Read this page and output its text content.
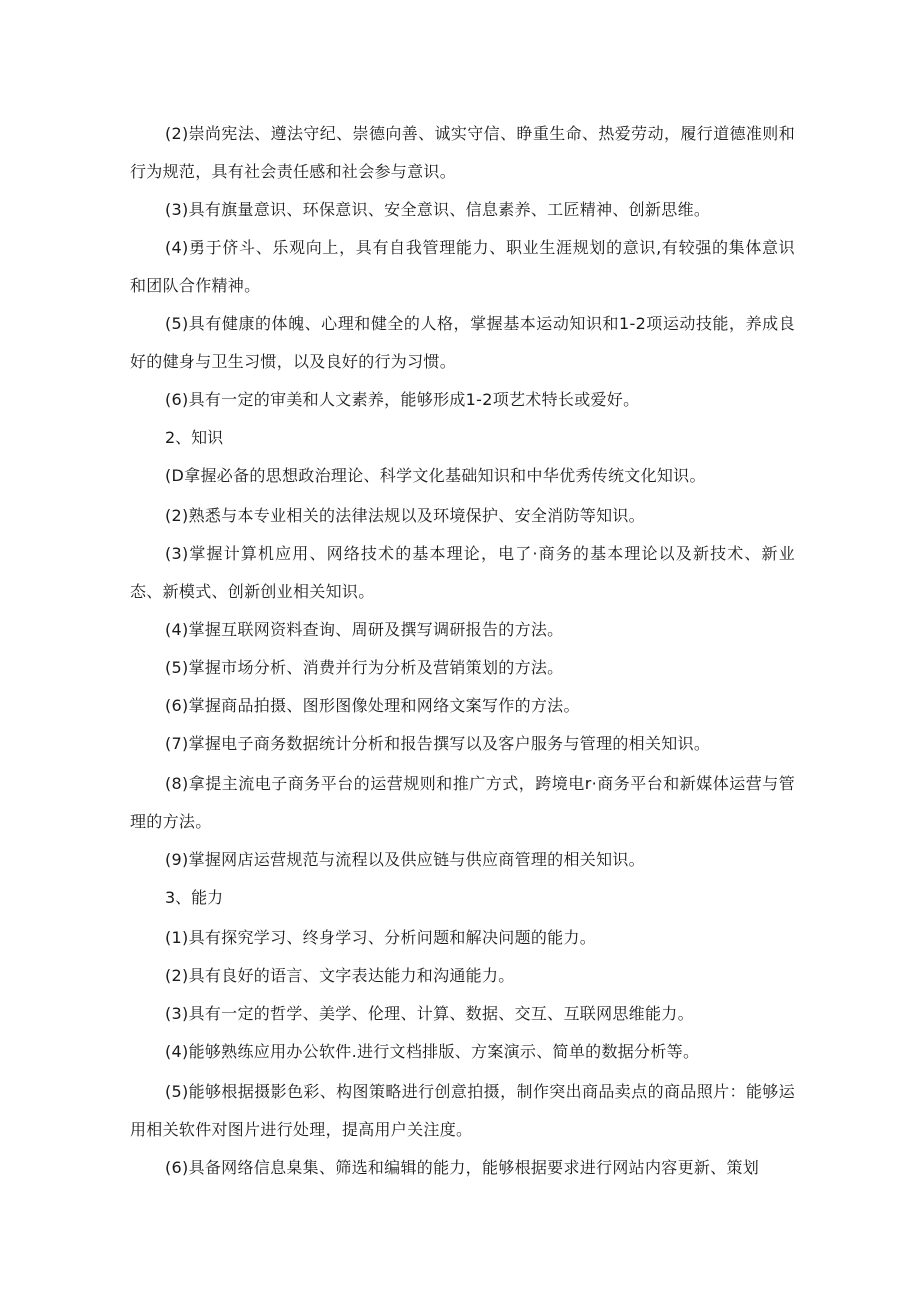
(2)崇尚宪法、遵法守纪、崇德向善、诚实守信、睁重生命、热爱劳动，履行道德准则和行为规范，具有社会责任感和社会参与意识。

(3)具有旗量意识、环保意识、安全意识、信息素养、工匠精神、创新思维。

(4)勇于侪斗、乐观向上，具有自我管理能力、职业生涯规划的意识,有较强的集体意识和团队合作精神。

(5)具有健康的体魄、心理和健全的人格，掌握基本运动知识和1-2项运动技能，养成良好的健身与卫生习惯，以及良好的行为习惯。

(6)具有一定的审美和人文素养，能够形成1-2项艺术特长或爱好。

2、知识

(D拿握必备的思想政治理论、科学文化基础知识和中华优秀传统文化知识。

(2)熟悉与本专业相关的法律法规以及环境保护、安全消防等知识。

(3)掌握计算机应用、网络技术的基本理论，电了·商务的基本理论以及新技术、新业态、新模式、创新创业相关知识。

(4)掌握互联网资料查询、周研及撰写调研报告的方法。

(5)掌握市场分析、消费并行为分析及营销策划的方法。

(6)掌握商品拍摄、图形图像处理和网络文案写作的方法。

(7)掌握电子商务数据统计分析和报告撰写以及客户服务与管理的相关知识。

(8)拿提主流电子商务平台的运营规则和推广方式，跨境电r·商务平台和新媒体运营与管理的方法。

(9)掌握网店运营规范与流程以及供应链与供应商管理的相关知识。

3、能力

(1)具有探究学习、终身学习、分析问题和解决问题的能力。

(2)具有良好的语言、文字表达能力和沟通能力。

(3)具有一定的哲学、美学、伦理、计算、数据、交互、互联网思维能力。

(4)能够熟练应用办公软件.进行文档排版、方案演示、简单的数据分析等。

(5)能够根据摄影色彩、构图策略进行创意拍摄，制作突出商品卖点的商品照片：能够运用相关软件对图片进行处理，提高用户关注度。

(6)具备网络信息臬集、筛选和编辑的能力，能够根据要求进行网站内容更新、策划
